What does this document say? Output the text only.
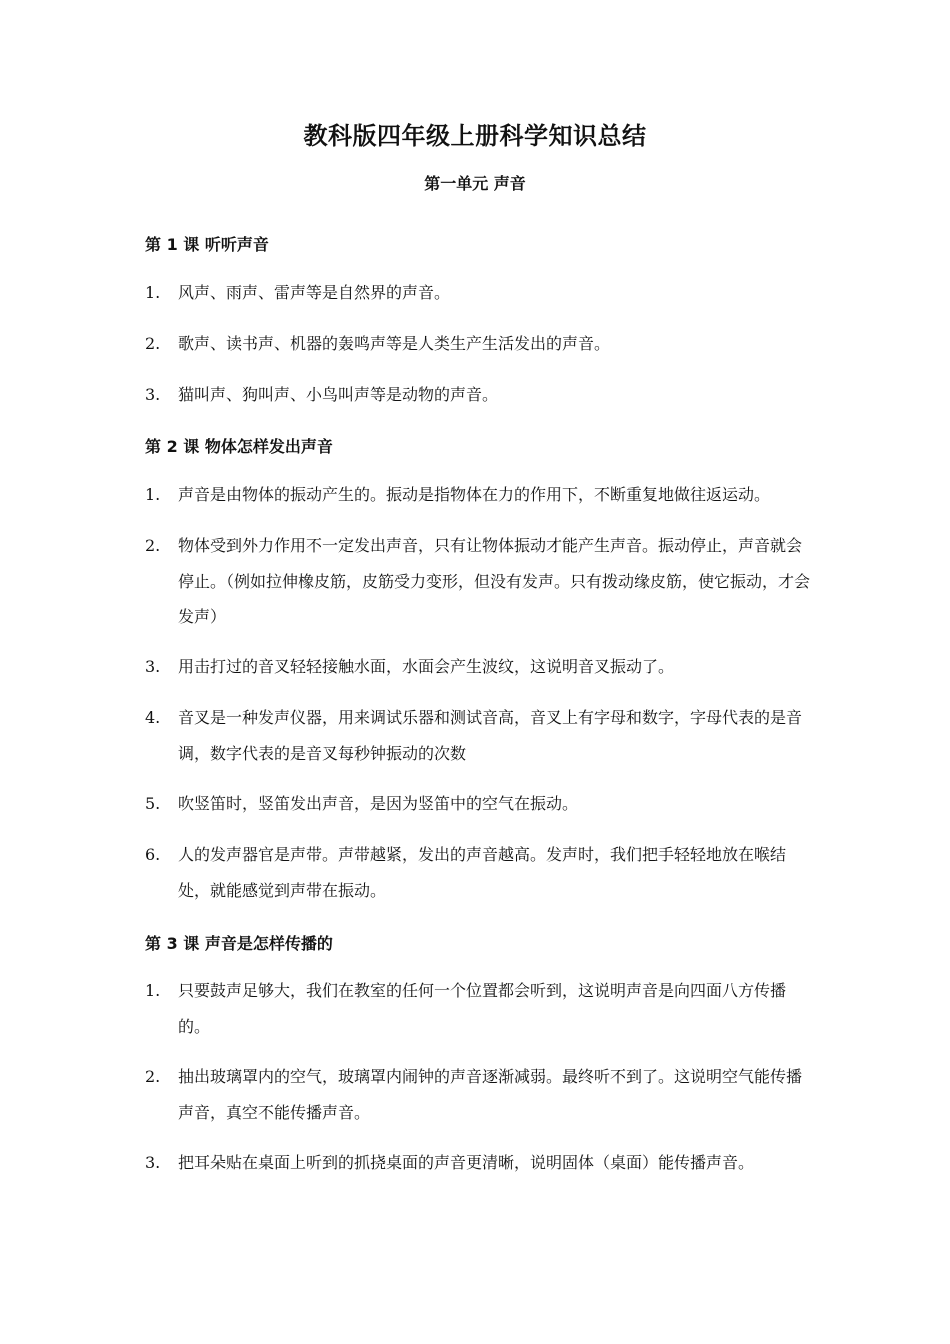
教科版四年级上册科学知识总结
第一单元 声音
第 1 课 听听声音
1.	风声、雨声、雷声等是自然界的声音。
2.	歌声、读书声、机器的轰鸣声等是人类生产生活发出的声音。
3.	猫叫声、狗叫声、小鸟叫声等是动物的声音。
第 2 课 物体怎样发出声音
1.	声音是由物体的振动产生的。振动是指物体在力的作用下，不断重复地做往返运动。
2.	物体受到外力作用不一定发出声音，只有让物体振动才能产生声音。振动停止，声音就会停止。（例如拉伸橡皮筋，皮筋受力变形，但没有发声。只有拨动缘皮筋，使它振动，才会发声）
3.	用击打过的音叉轻轻接触水面，水面会产生波纹，这说明音叉振动了。
4.	音叉是一种发声仪器，用来调试乐器和测试音高，音叉上有字母和数字，字母代表的是音调，数字代表的是音叉每秒钟振动的次数
5.	吹竖笛时，竖笛发出声音，是因为竖笛中的空气在振动。
6.	人的发声器官是声带。声带越紧，发出的声音越高。发声时，我们把手轻轻地放在喉结处，就能感觉到声带在振动。
第 3 课 声音是怎样传播的
1.	只要鼓声足够大，我们在教室的任何一个位置都会听到，这说明声音是向四面八方传播的。
2.	抽出玻璃罩内的空气，玻璃罩内闹钟的声音逐渐减弱。最终听不到了。这说明空气能传播声音，真空不能传播声音。
3.	把耳朵贴在桌面上听到的抓挠桌面的声音更清晰，说明固体（桌面）能传播声音。
